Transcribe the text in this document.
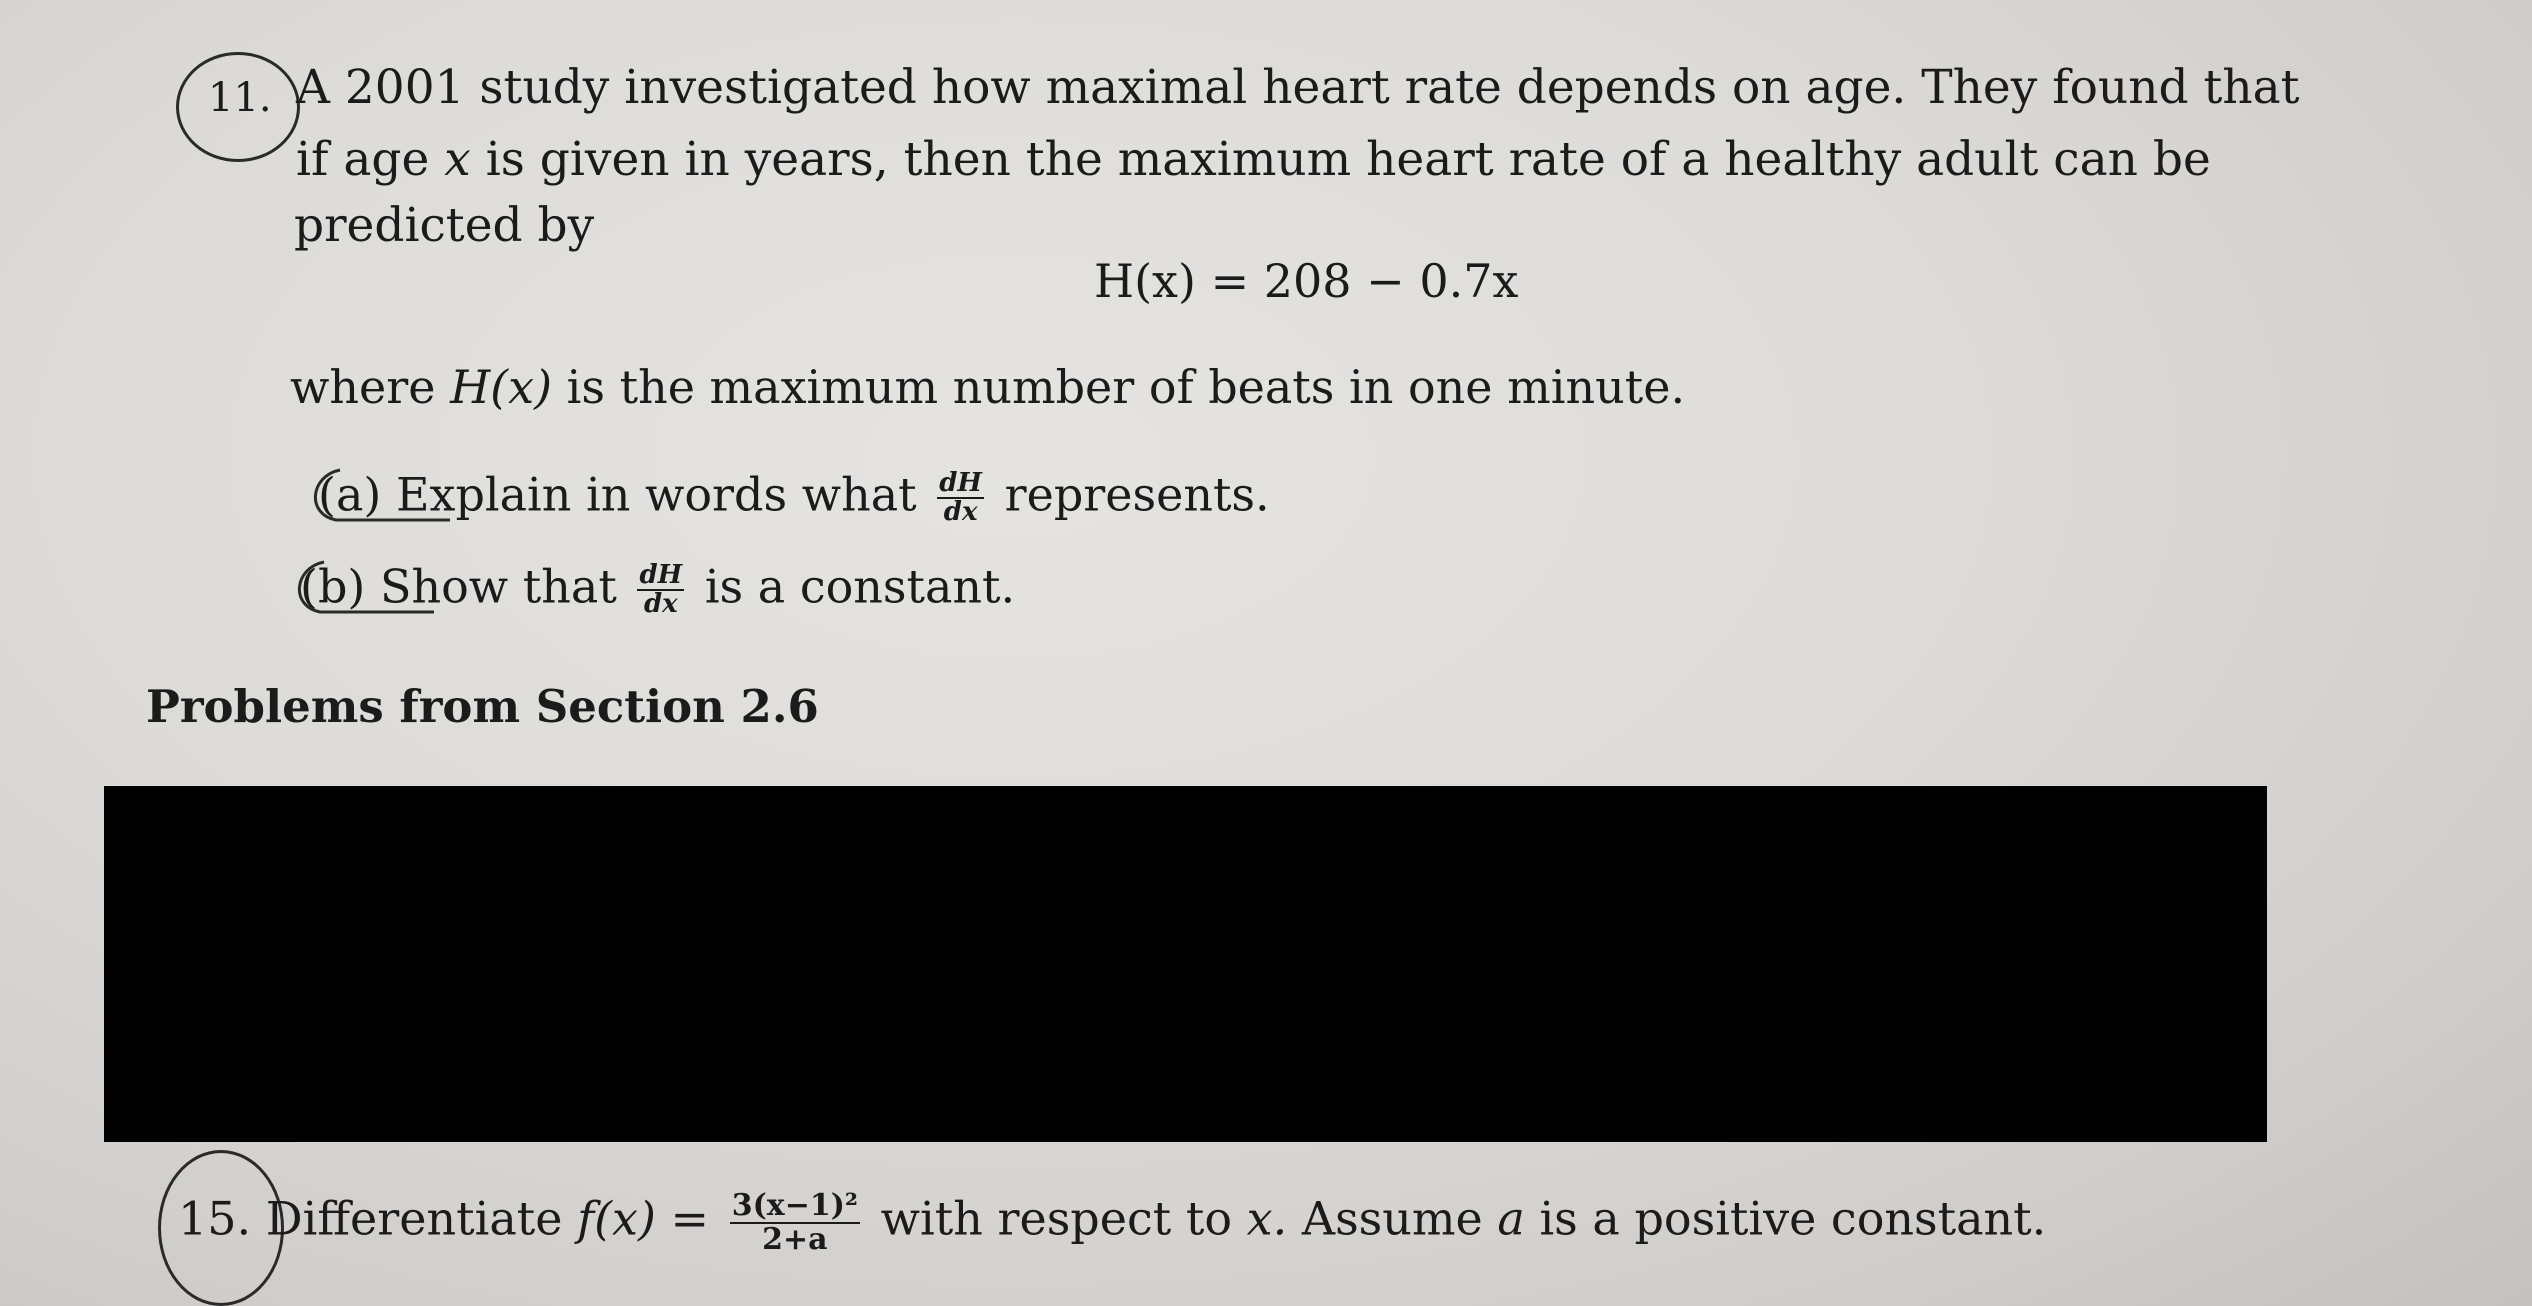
11. A 2001 study investigated how maximal heart rate depends on age. They found that
if age x is given in years, then the maximum heart rate of a healthy adult can be
predicted by
H(x) = 208 − 0.7x
where H(x) is the maximum number of beats in one minute.
(a) Explain in words what $\frac{dH}{dx}$ represents.
(b) Show that $\frac{dH}{dx}$ is a constant.
Problems from Section 2.6
15. Differentiate $f(x) = \frac{\text{3(x−1)²}}{2+a}$ with respect to x. Assume a is a positive constant.
